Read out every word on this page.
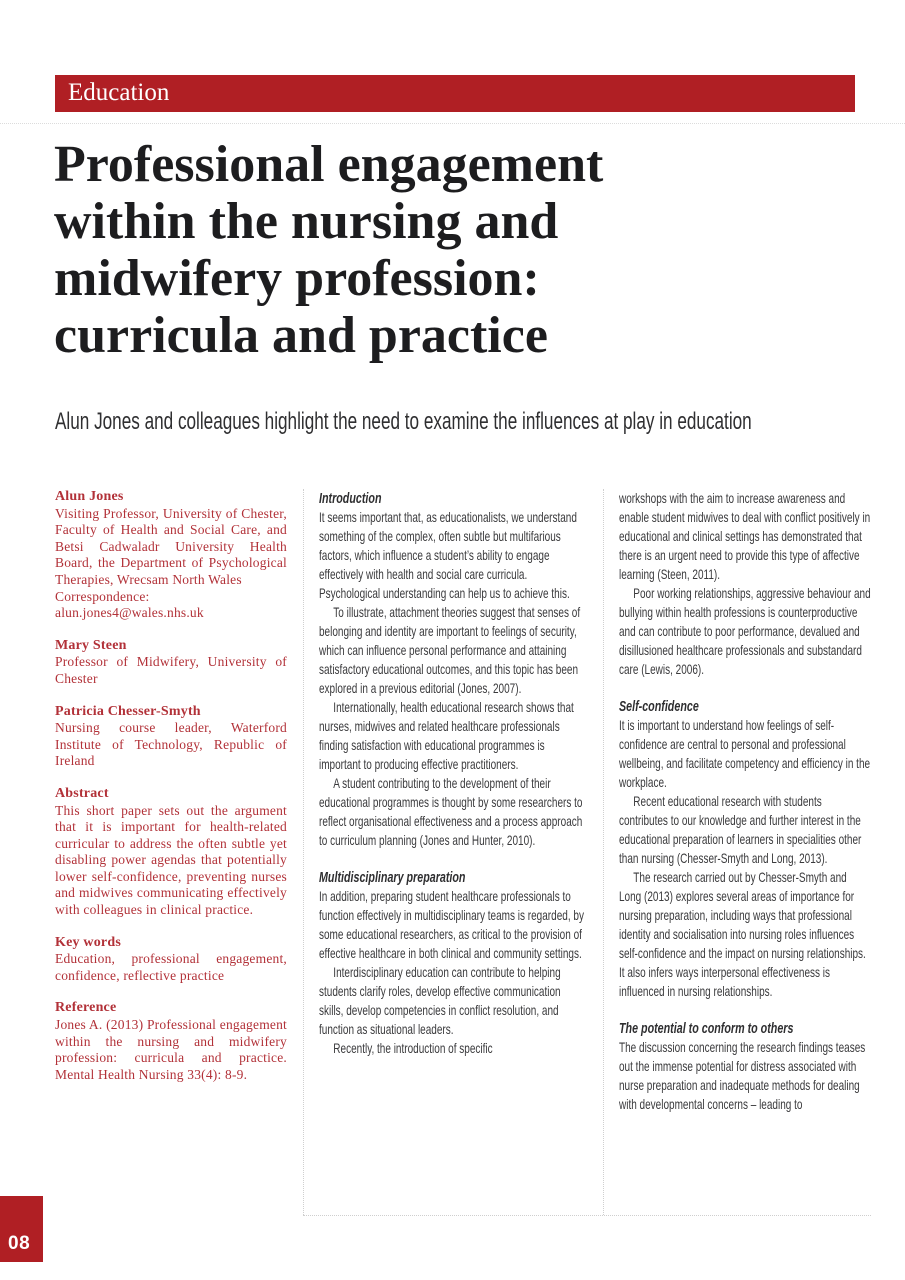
Education
Professional engagement
within the nursing and
midwifery profession:
curricula and practice

Alun Jones and colleagues highlight the need to examine the influences at play in education

Alun Jones

Visiting Professor, University of Chester, Faculty of Health and Social Care, and Betsi Cadwaladr University Health Board, the Department of Psychological Therapies, Wrecsam North Wales

Correspondence:

alun.jones4@wales.nhs.uk

Mary Steen

Professor of Midwifery, University of Chester

Patricia Chesser-Smyth

Nursing course leader, Waterford Institute of Technology, Republic of Ireland

Abstract

This short paper sets out the argument that it is important for health-related curricular to address the often subtle yet disabling power agendas that potentially lower self-confidence, preventing nurses and midwives communicating effectively with colleagues in clinical practice.

Key words

Education, professional engagement, confidence, reflective practice

Reference

Jones A. (2013) Professional engagement within the nursing and midwifery profession: curricula and practice. Mental Health Nursing 33(4): 8-9.

Introduction

It seems important that, as educationalists, we understand something of the complex, often subtle but multifarious factors, which influence a student’s ability to engage effectively with health and social care curricula. Psychological understanding can help us to achieve this.

To illustrate, attachment theories suggest that senses of belonging and identity are important to feelings of security, which can influence personal performance and attaining satisfactory educational outcomes, and this topic has been explored in a previous editorial (Jones, 2007).

Internationally, health educational research shows that nurses, midwives and related healthcare professionals finding satisfaction with educational programmes is important to producing effective practitioners.

A student contributing to the development of their educational programmes is thought by some researchers to reflect organisational effectiveness and a process approach to curriculum planning (Jones and Hunter, 2010).

Multidisciplinary preparation

In addition, preparing student healthcare professionals to function effectively in multidisciplinary teams is regarded, by some educational researchers, as critical to the provision of effective healthcare in both clinical and community settings.

Interdisciplinary education can contribute to helping students clarify roles, develop effective communication skills, develop competencies in conflict resolution, and function as situational leaders.

Recently, the introduction of specific

workshops with the aim to increase awareness and enable student midwives to deal with conflict positively in educational and clinical settings has demonstrated that there is an urgent need to provide this type of affective learning (Steen, 2011).

Poor working relationships, aggressive behaviour and bullying within health professions is counterproductive and can contribute to poor performance, devalued and disillusioned healthcare professionals and substandard care (Lewis, 2006).

Self-confidence

It is important to understand how feelings of self-confidence are central to personal and professional wellbeing, and facilitate competency and efficiency in the workplace.

Recent educational research with students contributes to our knowledge and further interest in the educational preparation of learners in specialities other than nursing (Chesser-Smyth and Long, 2013).

The research carried out by Chesser-Smyth and Long (2013) explores several areas of importance for nursing preparation, including ways that professional identity and socialisation into nursing roles influences self-confidence and the impact on nursing relationships. It also infers ways interpersonal effectiveness is influenced in nursing relationships.

The potential to conform to others

The discussion concerning the research findings teases out the immense potential for distress associated with nurse preparation and inadequate methods for dealing with developmental concerns – leading to

08
